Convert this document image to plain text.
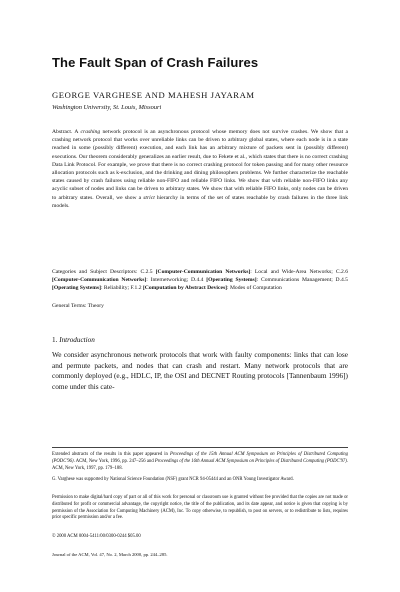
The Fault Span of Crash Failures
GEORGE VARGHESE AND MAHESH JAYARAM
Washington University, St. Louis, Missouri

Abstract. A crashing network protocol is an asynchronous protocol whose memory does not survive crashes. We show that a crashing network protocol that works over unreliable links can be driven to arbitrary global states, where each node is in a state reached in some (possibly different) execution, and each link has an arbitrary mixture of packets sent in (possibly different) executions. Our theorem considerably generalizes an earlier result, due to Fekete et al., which states that there is no correct crashing Data Link Protocol. For example, we prove that there is no correct crashing protocol for token passing and for many other resource allocation protocols such as k-exclusion, and the drinking and dining philosophers problems. We further characterize the reachable states caused by crash failures using reliable non-FIFO and reliable FIFO links. We show that with reliable non-FIFO links any acyclic subset of nodes and links can be driven to arbitrary states. We show that with reliable FIFO links, only nodes can be driven to arbitrary states. Overall, we show a strict hierarchy in terms of the set of states reachable by crash failures in the three link models.

Categories and Subject Descriptors: C.2.5 [Computer-Communication Networks]: Local and Wide-Area Networks; C.2.6 [Computer-Communication Networks]: Internetworking; D.4.4 [Operating Systems]: Communications Management; D.4.5 [Operating Systems]: Reliability; F.1.2 [Computation by Abstract Devices]: Modes of Computation

General Terms: Theory

1. Introduction

We consider asynchronous network protocols that work with faulty components: links that can lose and permute packets, and nodes that can crash and restart. Many network protocols that are commonly deployed (e.g., HDLC, IP, the OSI and DECNET Routing protocols [Tannenbaum 1996]) come under this cate-

Extended abstracts of the results in this paper appeared in Proceedings of the 15th Annual ACM Symposium on Principles of Distributed Computing (PODC'96). ACM, New York, 1996, pp. 247–256 and Proceedings of the 16th Annual ACM Symposium on Principles of Distributed Computing (PODC'97). ACM, New York, 1997, pp. 179–188.

G. Varghese was supported by National Science Foundation (NSF) grant NCR 94-05444 and an ONR Young Investigator Award.

Permission to make digital/hard copy of part or all of this work for personal or classroom use is granted without fee provided that the copies are not made or distributed for profit or commercial advantage, the copyright notice, the title of the publication, and its date appear, and notice is given that copying is by permission of the Association for Computing Machinery (ACM), Inc. To copy otherwise, to republish, to post on servers, or to redistribute to lists, requires prior specific permission and/or a fee.

© 2000 ACM 0004-5411/00/0300-0244 $05.00

Journal of the ACM, Vol. 47, No. 2, March 2000, pp. 244–285.
